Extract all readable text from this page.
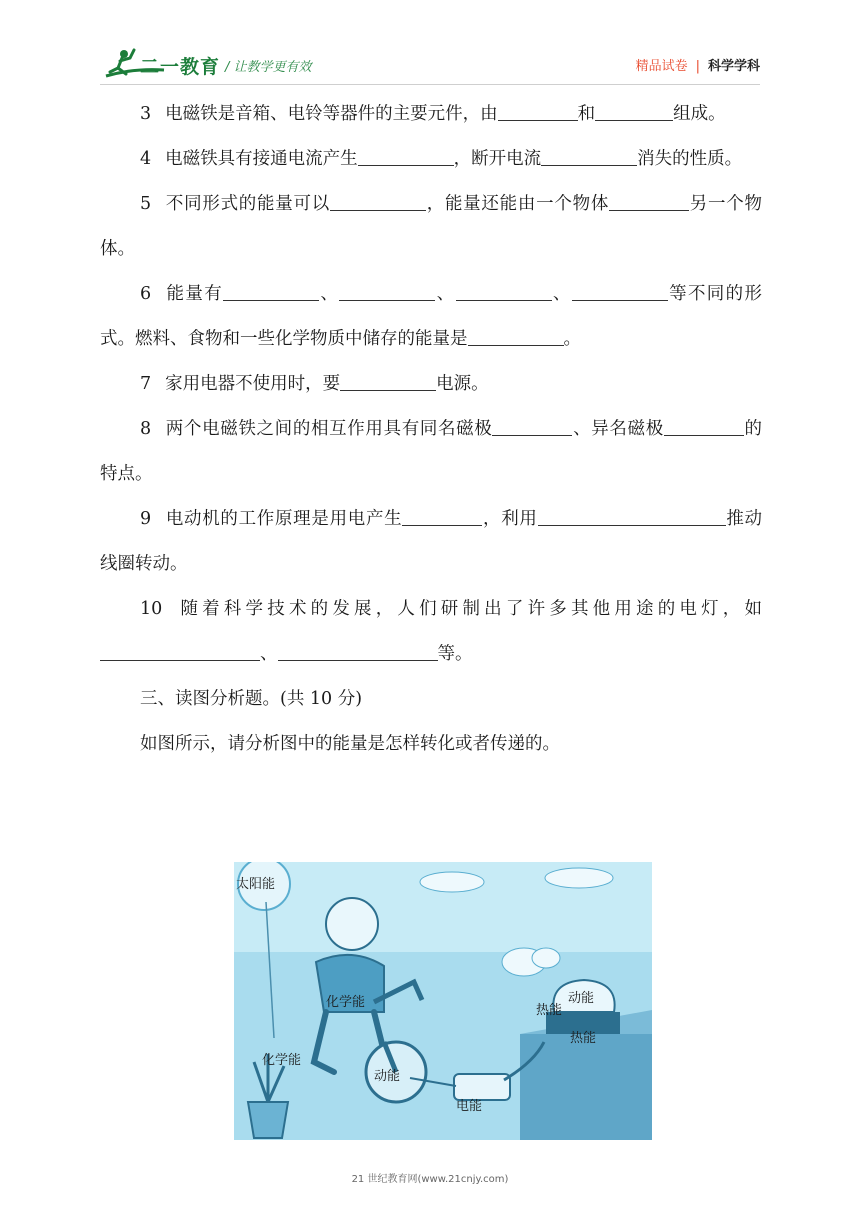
二一教育 / 让教学更有效	精品试卷 | 科学学科

3 电磁铁是音箱、电铃等器件的主要元件，由	和	组成。

4 电磁铁具有接通电流产生	，断开电流	消失的性质。

5 不同形式的能量可以	，能量还能由一个物体	另一个物体。

6 能量有	、	、	、	等不同的形式。燃料、食物和一些化学物质中储存的能量是	。

7 家用电器不使用时，要	电源。

8 两个电磁铁之间的相互作用具有同名磁极	、异名磁极	的特点。

9 电动机的工作原理是用电产生	，利用	推动线圈转动。

10 随着科学技术的发展，人们研制出了许多其他用途的电灯，如、	等。

三、读图分析题。(共 10 分)

如图所示，请分析图中的能量是怎样转化或者传递的。

太阳能
化学能
化学能
动能
电能
热能
动能
热能
21 世纪教育网(www.21cnjy.com)
